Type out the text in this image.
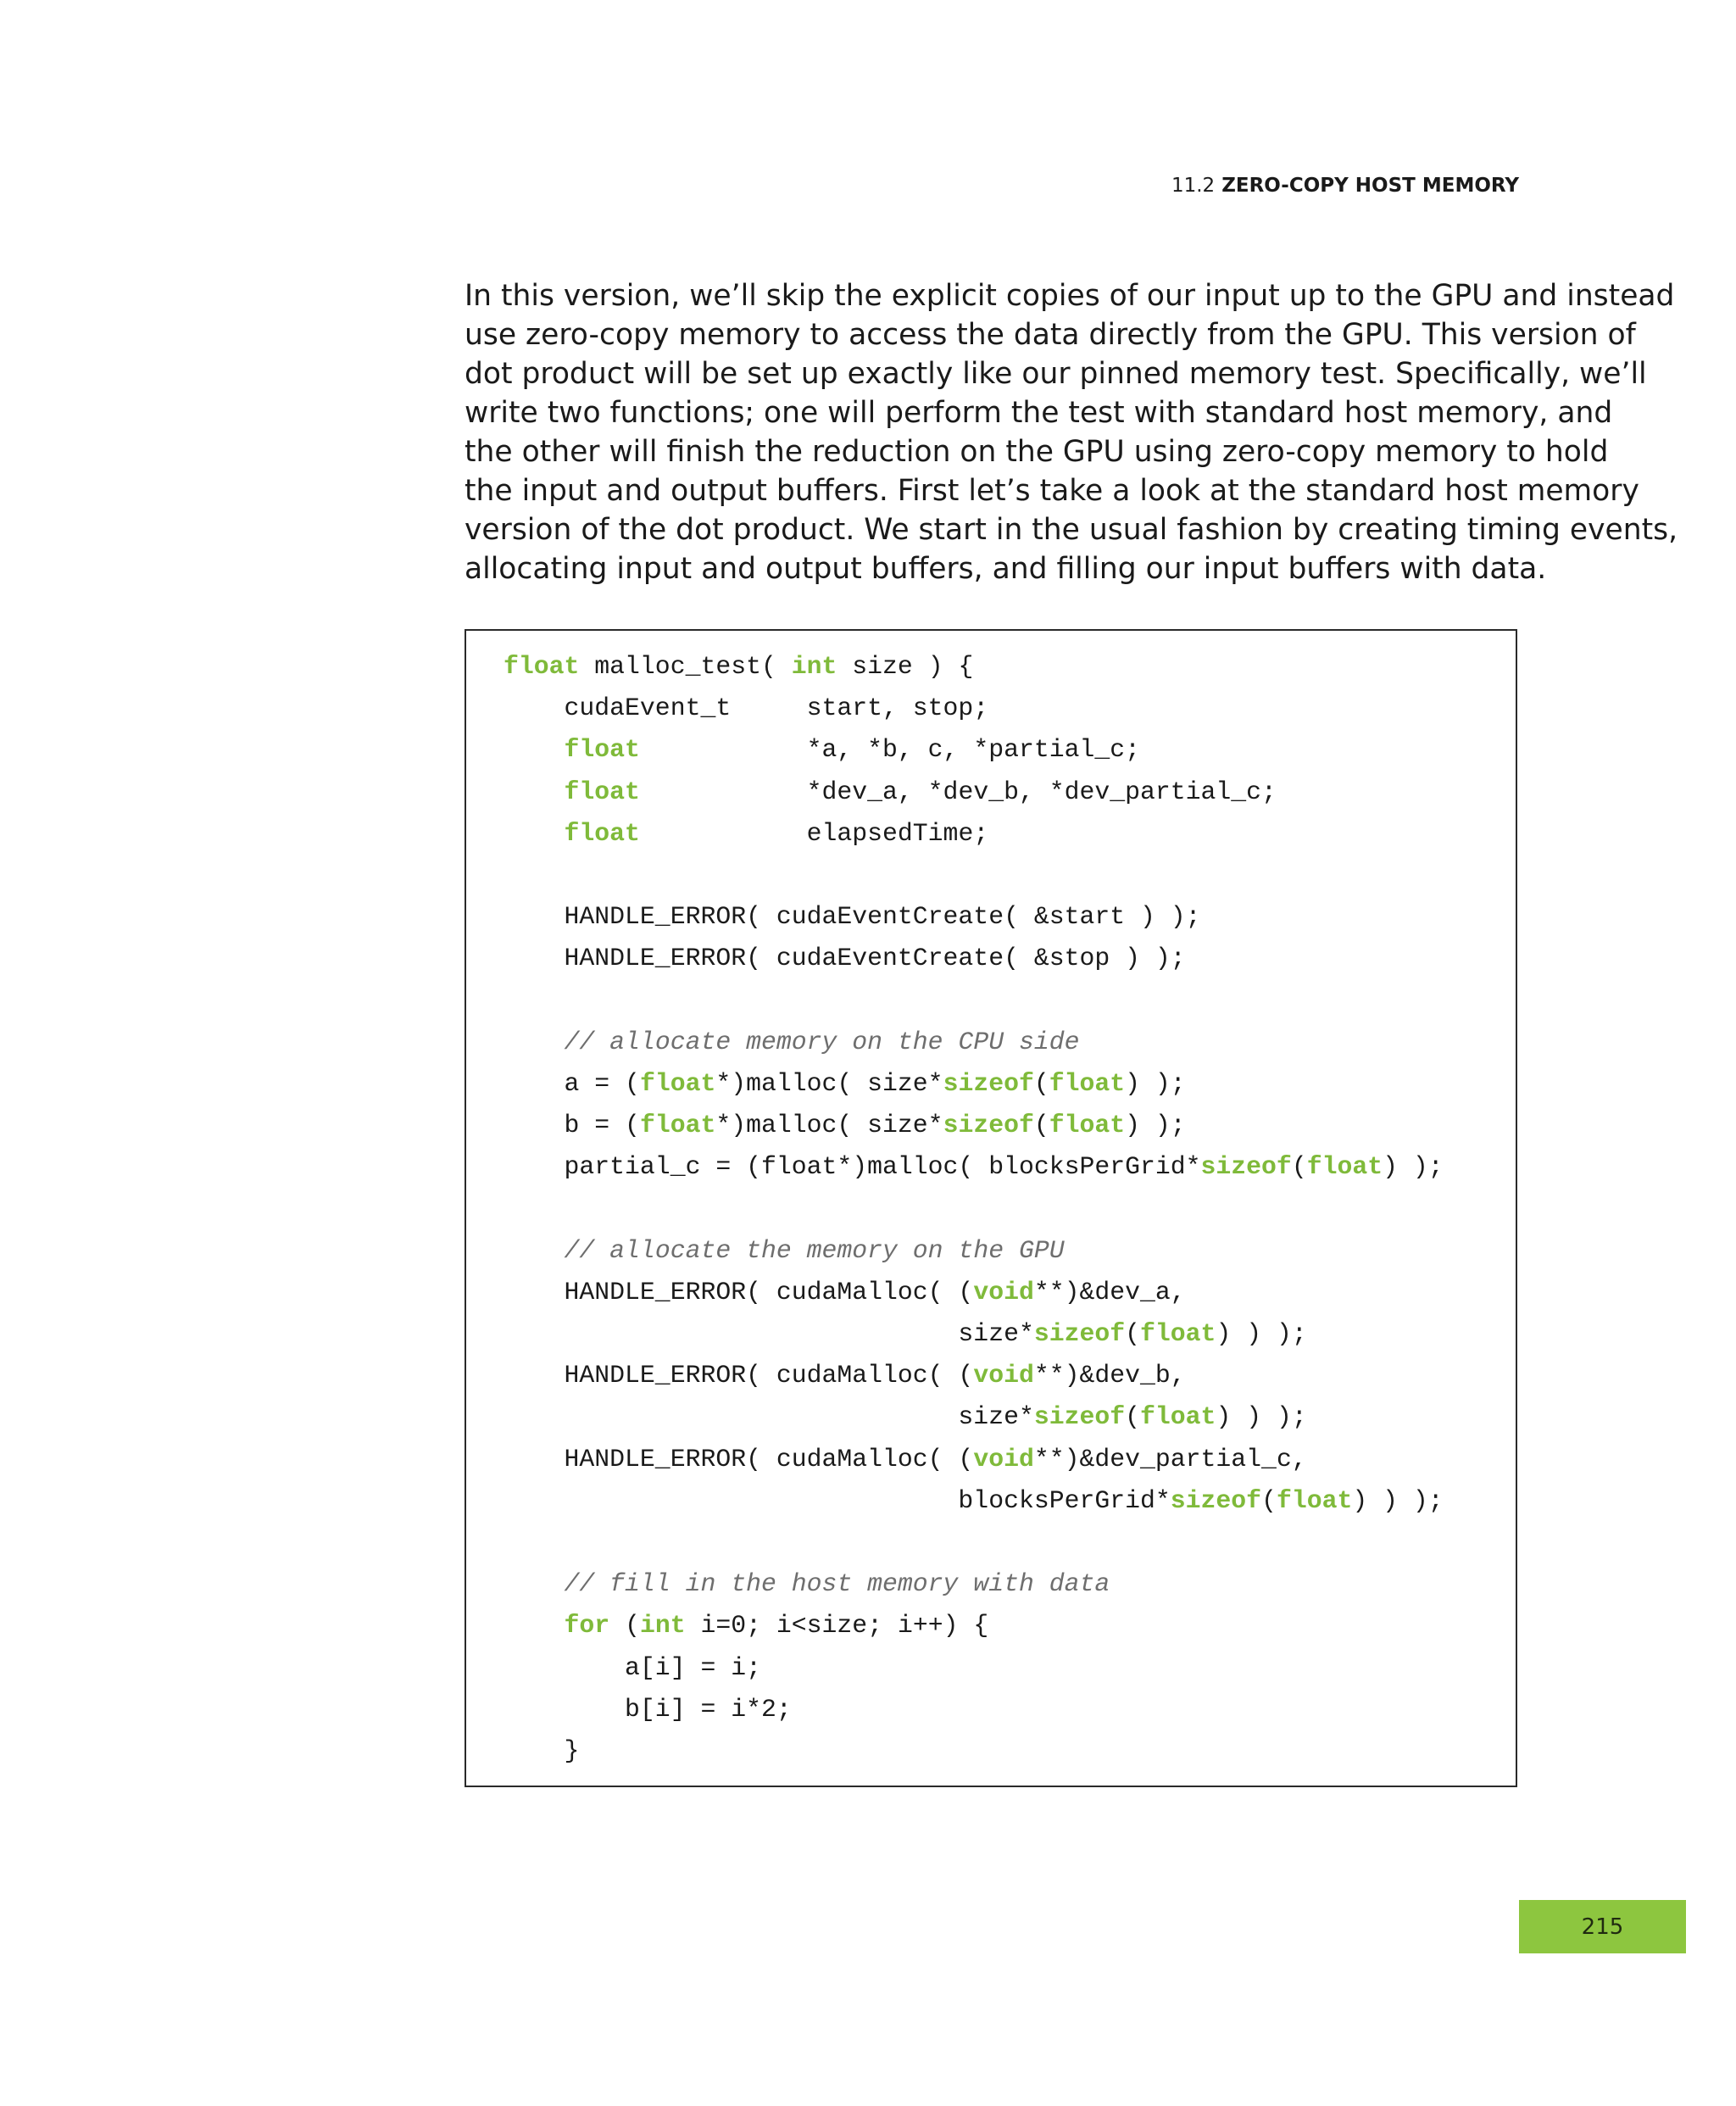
11.2 ZERO-COPY HOST MEMORY

In this version, we’ll skip the explicit copies of our input up to the GPU and instead
use zero-copy memory to access the data directly from the GPU. This version of
dot product will be set up exactly like our pinned memory test. Specifically, we’ll
write two functions; one will perform the test with standard host memory, and
the other will finish the reduction on the GPU using zero-copy memory to hold
the input and output buffers. First let’s take a look at the standard host memory
version of the dot product. We start in the usual fashion by creating timing events,
allocating input and output buffers, and filling our input buffers with data.

float malloc_test( int size ) {
cudaEvent_t     start, stop;
float           *a, *b, c, *partial_c;
float           *dev_a, *dev_b, *dev_partial_c;
float           elapsedTime;

HANDLE_ERROR( cudaEventCreate( &start ) );
HANDLE_ERROR( cudaEventCreate( &stop ) );

// allocate memory on the CPU side
a = (float*)malloc( size*sizeof(float) );
b = (float*)malloc( size*sizeof(float) );
partial_c = (float*)malloc( blocksPerGrid*sizeof(float) );

// allocate the memory on the GPU
HANDLE_ERROR( cudaMalloc( (void**)&dev_a,
size*sizeof(float) ) );
HANDLE_ERROR( cudaMalloc( (void**)&dev_b,
size*sizeof(float) ) );
HANDLE_ERROR( cudaMalloc( (void**)&dev_partial_c,
blocksPerGrid*sizeof(float) ) );

// fill in the host memory with data
for (int i=0; i<size; i++) {
a[i] = i;
b[i] = i*2;
}
215
